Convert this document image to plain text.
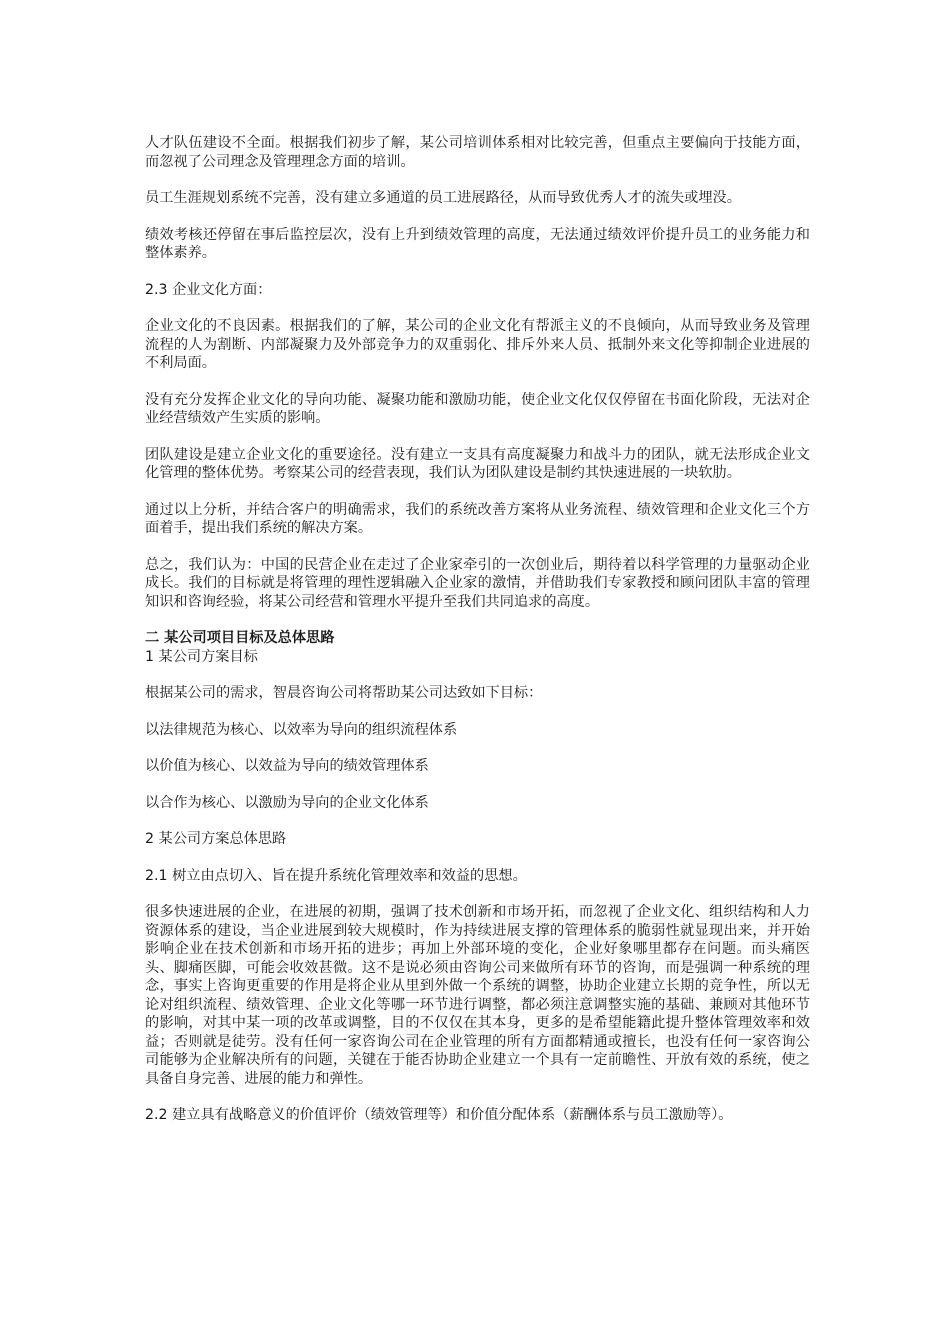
人才队伍建设不全面。根据我们初步了解，某公司培训体系相对比较完善，但重点主要偏向于技能方面，而忽视了公司理念及管理理念方面的培训。

员工生涯规划系统不完善，没有建立多通道的员工进展路径，从而导致优秀人才的流失或埋没。

绩效考核还停留在事后监控层次，没有上升到绩效管理的高度，无法通过绩效评价提升员工的业务能力和整体素养。

2.3 企业文化方面：

企业文化的不良因素。根据我们的了解，某公司的企业文化有帮派主义的不良倾向，从而导致业务及管理流程的人为割断、内部凝聚力及外部竞争力的双重弱化、排斥外来人员、抵制外来文化等抑制企业进展的不利局面。

没有充分发挥企业文化的导向功能、凝聚功能和激励功能，使企业文化仅仅停留在书面化阶段，无法对企业经营绩效产生实质的影响。

团队建设是建立企业文化的重要途径。没有建立一支具有高度凝聚力和战斗力的团队，就无法形成企业文化管理的整体优势。考察某公司的经营表现，我们认为团队建设是制约其快速进展的一块软肋。

通过以上分析，并结合客户的明确需求，我们的系统改善方案将从业务流程、绩效管理和企业文化三个方面着手，提出我们系统的解决方案。

总之，我们认为：中国的民营企业在走过了企业家牵引的一次创业后，期待着以科学管理的力量驱动企业成长。我们的目标就是将管理的理性逻辑融入企业家的激情，并借助我们专家教授和顾问团队丰富的管理知识和咨询经验，将某公司经营和管理水平提升至我们共同追求的高度。

二 某公司项目目标及总体思路

1 某公司方案目标

根据某公司的需求，智晨咨询公司将帮助某公司达致如下目标：

以法律规范为核心、以效率为导向的组织流程体系

以价值为核心、以效益为导向的绩效管理体系

以合作为核心、以激励为导向的企业文化体系

2 某公司方案总体思路

2.1 树立由点切入、旨在提升系统化管理效率和效益的思想。

很多快速进展的企业，在进展的初期，强调了技术创新和市场开拓，而忽视了企业文化、组织结构和人力资源体系的建设，当企业进展到较大规模时，作为持续进展支撑的管理体系的脆弱性就显现出来，并开始影响企业在技术创新和市场开拓的进步；再加上外部环境的变化，企业好象哪里都存在问题。而头痛医头、脚痛医脚，可能会收效甚微。这不是说必须由咨询公司来做所有环节的咨询，而是强调一种系统的理念，事实上咨询更重要的作用是将企业从里到外做一个系统的调整，协助企业建立长期的竞争性，所以无论对组织流程、绩效管理、企业文化等哪一环节进行调整，都必须注意调整实施的基础、兼顾对其他环节的影响，对其中某一项的改革或调整，目的不仅仅在其本身，更多的是希望能籍此提升整体管理效率和效益；否则就是徒劳。没有任何一家咨询公司在企业管理的所有方面都精通或擅长，也没有任何一家咨询公司能够为企业解决所有的问题，关键在于能否协助企业建立一个具有一定前瞻性、开放有效的系统，使之具备自身完善、进展的能力和弹性。

2.2 建立具有战略意义的价值评价（绩效管理等）和价值分配体系（薪酬体系与员工激励等）。
